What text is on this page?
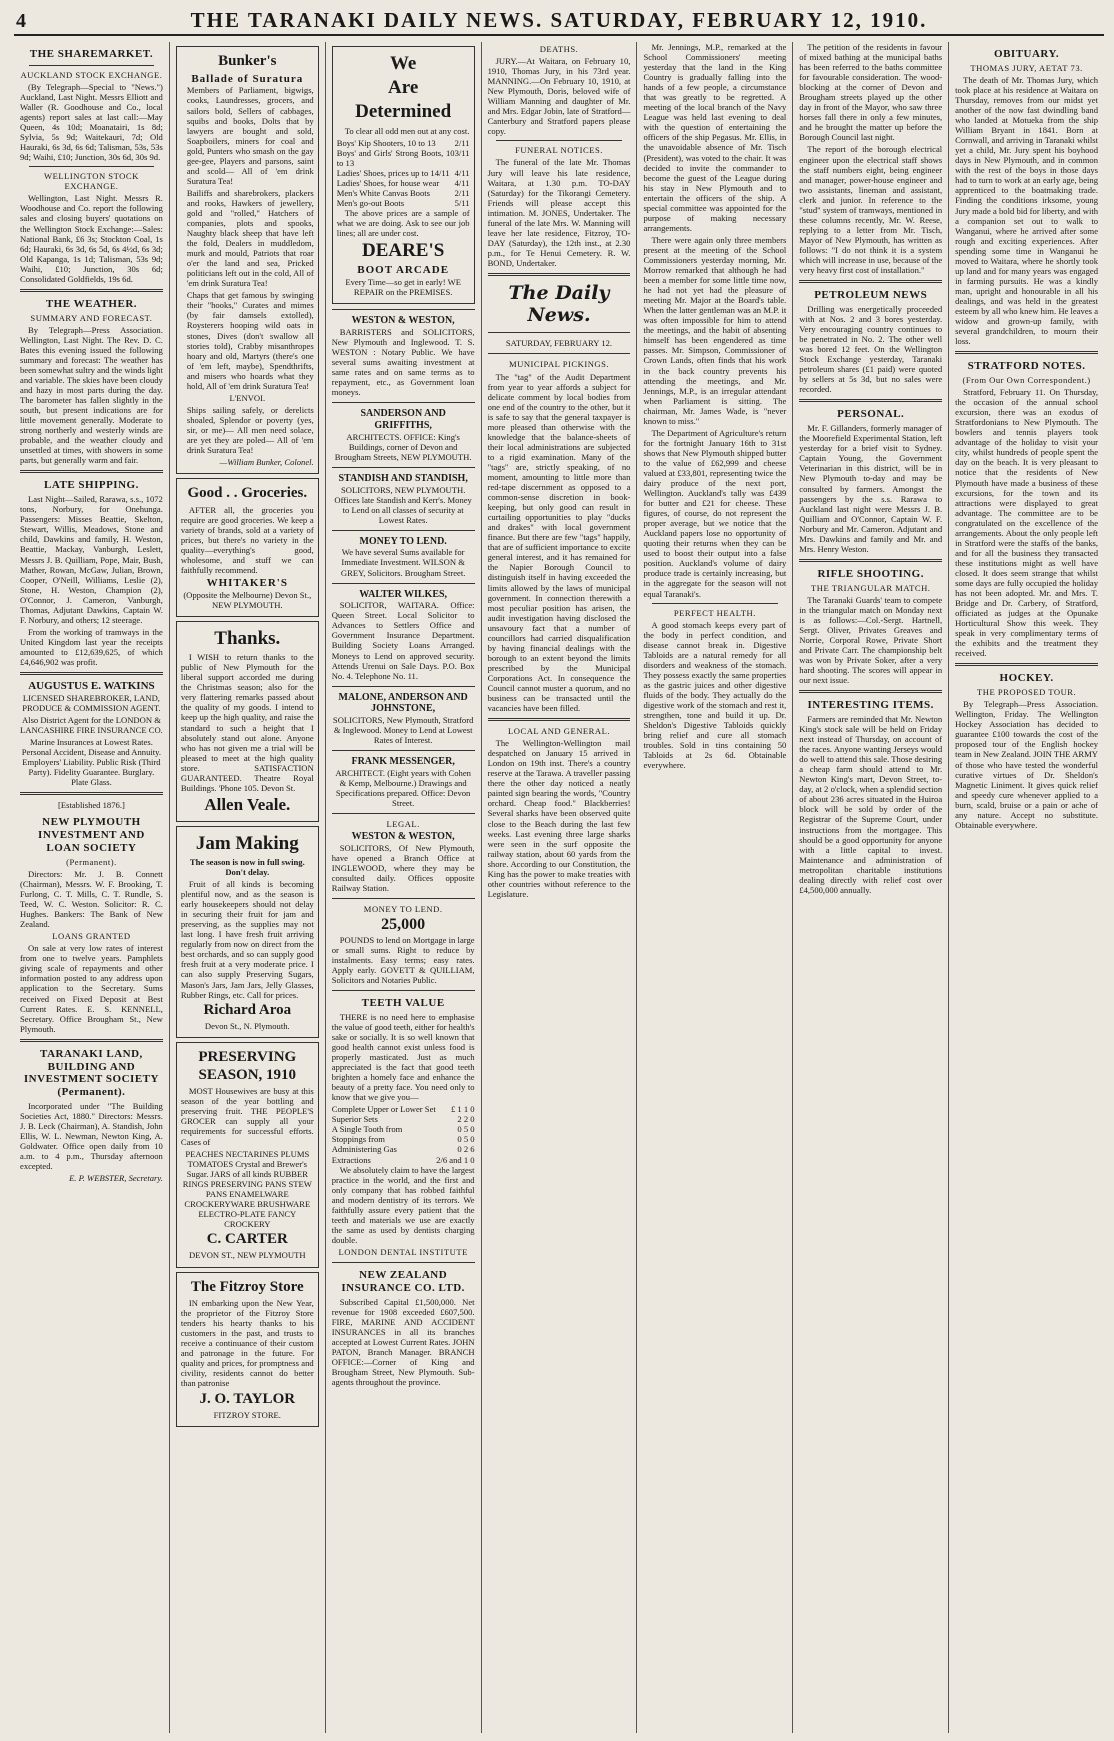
4	THE TARANAKI DAILY NEWS. SATURDAY, FEBRUARY 12, 1910.
THE SHAREMARKET.
AUCKLAND STOCK EXCHANGE.

(By Telegraph—Special to "News.") Auckland, Last Night. Messrs Elliott and Waller (R. Goodhouse and Co., local agents) report sales at last call:—May Queen, 4s 10d; Moanatairi, 1s 8d; Sylvia, 5s 9d; Waitekauri, 7d; Old Hauraki, 6s 3d, 6s 6d; Talisman, 53s, 53s 9d; Waihi, £10; Junction, 30s 6d, 30s 9d.

WELLINGTON STOCK EXCHANGE.

Wellington, Last Night. Messrs R. Woodhouse and Co. report the following sales and closing buyers' quotations on the Wellington Stock Exchange:—Sales: National Bank, £6 3s; Stockton Coal, 1s 6d; Hauraki, 6s 3d, 6s 5d, 6s 4½d, 6s 3d; Old Kapanga, 1s 1d; Talisman, 53s 9d; Waihi, £10; Junction, 30s 6d; Consolidated Goldfields, 19s 6d.

THE WEATHER.
SUMMARY AND FORECAST.

By Telegraph—Press Association. Wellington, Last Night. The Rev. D. C. Bates this evening issued the following summary and forecast: The weather has been somewhat sultry and the winds light and variable. The skies have been cloudy and hazy in most parts during the day. The barometer has fallen slightly in the south, but present indications are for little movement generally. Moderate to strong northerly and westerly winds are probable, and the weather cloudy and unsettled at times, with showers in some parts, but generally warm and fair.

LATE SHIPPING.

Last Night—Sailed, Rarawa, s.s., 1072 tons, Norbury, for Onehunga. Passengers: Misses Beattie, Skelton, Stewart, Willis, Meadows, Stone and child, Dawkins and family, H. Weston, Beattie, Mackay, Vanburgh, Leslett, Messrs J. B. Quilliam, Pope, Mair, Bush, Mather, Rowan, McGaw, Julian, Brown, Cooper, O'Neill, Williams, Leslie (2), Stone, H. Weston, Champion (2), O'Connor, J. Cameron, Vanburgh, Thomas, Adjutant Dawkins, Captain W. F. Norbury, and others; 12 steerage.

From the working of tramways in the United Kingdom last year the receipts amounted to £12,639,625, of which £4,646,902 was profit.

AUGUSTUS E. WATKINS

LICENSED SHAREBROKER, LAND, PRODUCE & COMMISSION AGENT.

Also District Agent for the LONDON & LANCASHIRE FIRE INSURANCE CO.

Marine Insurances at Lowest Rates. Personal Accident, Disease and Annuity. Employers' Liability. Public Risk (Third Party). Fidelity Guarantee. Burglary. Plate Glass.

[Established 1876.]

NEW PLYMOUTH INVESTMENT AND LOAN SOCIETY
(Permanent).

Directors: Mr. J. B. Connett (Chairman), Messrs. W. F. Brooking, T. Furlong, C. T. Mills, C. T. Rundle, S. Teed, W. C. Weston. Solicitor: R. C. Hughes. Bankers: The Bank of New Zealand.

LOANS GRANTED

On sale at very low rates of interest from one to twelve years. Pamphlets giving scale of repayments and other information posted to any address upon application to the Secretary. Sums received on Fixed Deposit at Best Current Rates. E. S. KENNELL, Secretary. Office Brougham St., New Plymouth.

TARANAKI LAND, BUILDING AND INVESTMENT SOCIETY (Permanent).

Incorporated under "The Building Societies Act, 1880." Directors: Messrs. J. B. Leck (Chairman), A. Standish, John Ellis, W. L. Newman, Newton King, A. Goldwater. Office open daily from 10 a.m. to 4 p.m., Thursday afternoon excepted.

E. P. WEBSTER, Secretary.

Bunker's
Ballade of Suratura

Members of Parliament, bigwigs, cooks, Laundresses, grocers, and sailors bold, Sellers of cabbages, squibs and books, Dolts that by lawyers are bought and sold, Soapboilers, miners for coal and gold, Punters who smash on the gay gee-gee, Players and parsons, saint and scold— All of 'em drink Suratura Tea!

Bailiffs and sharebrokers, plackers and rooks, Hawkers of jewellery, gold and "rolled," Hatchers of companies, plots and spooks, Naughty black sheep that have left the fold, Dealers in muddledom, murk and mould, Patriots that roar o'er the land and sea, Pricked politicians left out in the cold, All of 'em drink Suratura Tea!

Chaps that get famous by swinging their "hooks," Curates and mimes (by fair damsels extolled), Roysterers hooping wild oats in stones, Dives (don't swallow all stories told), Crabby misanthropes hoary and old, Martyrs (there's one of 'em left, maybe), Spendthrifts, and misers who hoards what they hold, All of 'em drink Suratura Tea!

L'ENVOI.

Ships sailing safely, or derelicts shoaled, Splendor or poverty (yes, sir, or me)— All men need solace, are yet they are poled— All of 'em drink Suratura Tea!

—William Bunker, Colonel.

Good . . Groceries.

AFTER all, the groceries you require are good groceries. We keep a variety of brands, sold at a variety of prices, but there's no variety in the quality—everything's good, wholesome, and stuff we can faithfully recommend.

WHITAKER'S

(Opposite the Melbourne) Devon St., NEW PLYMOUTH.

Thanks.

I WISH to return thanks to the public of New Plymouth for the liberal support accorded me during the Christmas season; also for the very flattering remarks passed about the quality of my goods. I intend to keep up the high quality, and raise the standard to such a height that I absolutely stand out alone. Anyone who has not given me a trial will be pleased to meet at the high quality store. SATISFACTION GUARANTEED. Theatre Royal Buildings. 'Phone 105. Devon St.

Allen Veale.
Jam Making

The season is now in full swing. Don't delay.

Fruit of all kinds is becoming plentiful now, and as the season is early housekeepers should not delay in securing their fruit for jam and preserving, as the supplies may not last long. I have fresh fruit arriving regularly from now on direct from the best orchards, and so can supply good fresh fruit at a very moderate price. I can also supply Preserving Sugars, Mason's Jars, Jam Jars, Jelly Glasses, Rubber Rings, etc. Call for prices.

Richard Aroa

Devon St., N. Plymouth.

PRESERVING SEASON, 1910

MOST Housewives are busy at this season of the year bottling and preserving fruit. THE PEOPLE'S GROCER can supply all your requirements for successful efforts. Cases of

PEACHES NECTARINES PLUMS TOMATOES Crystal and Brewer's Sugar. JARS of all kinds RUBBER RINGS PRESERVING PANS STEW PANS ENAMELWARE CROCKERYWARE BRUSHWARE ELECTRO-PLATE FANCY CROCKERY

C. CARTER

DEVON ST., NEW PLYMOUTH

The Fitzroy Store

IN embarking upon the New Year, the proprietor of the Fitzroy Store tenders his hearty thanks to his customers in the past, and trusts to receive a continuance of their custom and patronage in the future. For quality and prices, for promptness and civility, residents cannot do better than patronise

J. O. TAYLOR

FITZROY STORE.

We
Are
Determined

To clear all odd men out at any cost.

Boys' Kip Shooters, 10 to 13 2/11
Boys' and Girls' Strong Boots, 10 to 13
3/11
Ladies' Shoes, prices up to 14/11 4/11
Ladies' Shoes, for house wear 4/11
Men's White Canvas Boots	2/11
Men's go-out Boots	5/11

The above prices are a sample of what we are doing. Ask to see our job lines; all are under cost.

DEARE'S
BOOT ARCADE

Every Time—so get in early! WE REPAIR on the PREMISES.

WESTON & WESTON,

BARRISTERS and SOLICITORS, New Plymouth and Inglewood. T. S. WESTON : Notary Public. We have several sums awaiting investment at same rates and on same terms as to repayment, etc., as Government loan moneys.

SANDERSON AND GRIFFITHS,

ARCHITECTS. OFFICE: King's Buildings, corner of Devon and Brougham Streets, NEW PLYMOUTH.

STANDISH AND STANDISH,

SOLICITORS, NEW PLYMOUTH. Offices late Standish and Kerr's. Money to Lend on all classes of security at Lowest Rates.

MONEY TO LEND.

We have several Sums available for Immediate Investment. WILSON & GREY, Solicitors. Brougham Street.

WALTER WILKES,

SOLICITOR, WAITARA. Office: Queen Street. Local Solicitor to Advances to Settlers Office and Government Insurance Department. Building Society Loans Arranged. Moneys to Lend on approved security. Attends Urenui on Sale Days. P.O. Box No. 4. Telephone No. 11.

MALONE, ANDERSON AND JOHNSTONE,

SOLICITORS, New Plymouth, Stratford & Inglewood. Money to Lend at Lowest Rates of Interest.

FRANK MESSENGER,

ARCHITECT. (Eight years with Cohen & Kemp, Melbourne.) Drawings and Specifications prepared. Office: Devon Street.

LEGAL.
WESTON & WESTON,

SOLICITORS, Of New Plymouth, have opened a Branch Office at INGLEWOOD, where they may be consulted daily. Offices opposite Railway Station.

MONEY TO LEND.
25,000

POUNDS to lend on Mortgage in large or small sums. Right to reduce by instalments. Easy terms; easy rates. Apply early. GOVETT & QUILLIAM, Solicitors and Notaries Public.

TEETH VALUE

THERE is no need here to emphasise the value of good teeth, either for health's sake or socially. It is so well known that good health cannot exist unless food is properly masticated. Just as much appreciated is the fact that good teeth brighten a homely face and enhance the beauty of a pretty face. You need only to know that we give you—

Complete Upper or Lower Set £ 1 1 0
Superior Sets	2 2 0
A Single Tooth from	0 5 0
Stoppings from	0 5 0
Administering Gas	0 2 6
Extractions	2/6 and 1 0

We absolutely claim to have the largest practice in the world, and the first and only company that has robbed faithful and modern dentistry of its terrors. We faithfully assure every patient that the teeth and materials we use are exactly the same as used by dentists charging double.

LONDON DENTAL INSTITUTE
NEW ZEALAND INSURANCE CO. LTD.

Subscribed Capital £1,500,000. Net revenue for 1908 exceeded £607,500. FIRE, MARINE AND ACCIDENT INSURANCES in all its branches accepted at Lowest Current Rates. JOHN PATON, Branch Manager. BRANCH OFFICE:—Corner of King and Brougham Street, New Plymouth. Sub-agents throughout the province.

DEATHS.

JURY.—At Waitara, on February 10, 1910, Thomas Jury, in his 73rd year. MANNING.—On February 10, 1910, at New Plymouth, Doris, beloved wife of William Manning and daughter of Mr. and Mrs. Edgar Jobin, late of Stratford—Canterbury and Stratford papers please copy.

FUNERAL NOTICES.

The funeral of the late Mr. Thomas Jury will leave his late residence, Waitara, at 1.30 p.m. TO-DAY (Saturday) for the Tikorangi Cemetery. Friends will please accept this intimation. M. JONES, Undertaker. The funeral of the late Mrs. W. Manning will leave her late residence, Fitzroy, TO-DAY (Saturday), the 12th inst., at 2.30 p.m., for Te Henui Cemetery. R. W. BOND, Undertaker.

The Daily News.

SATURDAY, FEBRUARY 12.

MUNICIPAL PICKINGS.

The "tag" of the Audit Department from year to year affords a subject for delicate comment by local bodies from one end of the country to the other, but it is safe to say that the general taxpayer is more pleased than otherwise with the knowledge that the balance-sheets of their local administrations are subjected to a rigid examination. Many of the "tags" are, strictly speaking, of no moment, amounting to little more than red-tape discernment as opposed to a common-sense discretion in book-keeping, but only good can result in curtailing opportunities to play "ducks and drakes" with local government finance. But there are few "tags" happily, that are of sufficient importance to excite general interest, and it has remained for the Napier Borough Council to distinguish itself in having exceeded the limits allowed by the laws of municipal government. In connection therewith a most peculiar position has arisen, the audit investigation having disclosed the unsavoury fact that a number of councillors had carried disqualification by having financial dealings with the borough to an extent beyond the limits prescribed by the Municipal Corporations Act. In consequence the Council cannot muster a quorum, and no business can be transacted until the vacancies have been filled.

LOCAL AND GENERAL.

The Wellington-Wellington mail despatched on January 15 arrived in London on 19th inst. There's a country reserve at the Tarawa. A traveller passing there the other day noticed a neatly painted sign bearing the words, "Country orchard. Cheap food." Blackberries! Several sharks have been observed quite close to the Beach during the last few weeks. Last evening three large sharks were seen in the surf opposite the railway station, about 60 yards from the shore. According to our Constitution, the King has the power to make treaties with other countries without reference to the Legislature.

Mr. Jennings, M.P., remarked at the School Commissioners' meeting yesterday that the land in the King Country is gradually falling into the hands of a few people, a circumstance that was greatly to be regretted. A meeting of the local branch of the Navy League was held last evening to deal with the question of entertaining the officers of the ship Pegasus. Mr. Ellis, in the unavoidable absence of Mr. Tisch (President), was voted to the chair. It was decided to invite the commander to become the guest of the League during his stay in New Plymouth and to entertain the officers of the ship. A special committee was appointed for the purpose of making necessary arrangements.

There were again only three members present at the meeting of the School Commissioners yesterday morning, Mr. Morrow remarked that although he had been a member for some little time now, he had not yet had the pleasure of meeting Mr. Major at the Board's table. When the latter gentleman was an M.P. it was often impossible for him to attend the meetings, and the habit of absenting himself has been engendered as time passes. Mr. Simpson, Commissioner of Crown Lands, often finds that his work in the back country prevents his attending the meetings, and Mr. Jennings, M.P., is an irregular attendant when Parliament is sitting. The chairman, Mr. James Wade, is "never known to miss."

The Department of Agriculture's return for the fortnight January 16th to 31st shows that New Plymouth shipped butter to the value of £62,999 and cheese valued at £33,801, representing twice the dairy produce of the next port, Wellington. Auckland's tally was £439 for butter and £21 for cheese. These figures, of course, do not represent the proper average, but we notice that the Auckland papers lose no opportunity of quoting their returns when they can be used to boost their output into a false position. Auckland's volume of dairy produce trade is certainly increasing, but in the aggregate for the season will not equal Taranaki's.

PERFECT HEALTH.

A good stomach keeps every part of the body in perfect condition, and disease cannot break in. Digestive Tabloids are a natural remedy for all disorders and weakness of the stomach. They possess exactly the same properties as the gastric juices and other digestive fluids of the body. They actually do the digestive work of the stomach and rest it, strengthen, tone and build it up. Dr. Sheldon's Digestive Tabloids quickly bring relief and cure all stomach troubles. Sold in tins containing 50 Tabloids at 2s 6d. Obtainable everywhere.

The petition of the residents in favour of mixed bathing at the municipal baths has been referred to the baths committee for favourable consideration. The wood-blocking at the corner of Devon and Brougham streets played up the other day in front of the Mayor, who saw three horses fall there in only a few minutes, and he brought the matter up before the Borough Council last night.

The report of the borough electrical engineer upon the electrical staff shows the staff numbers eight, being engineer and manager, power-house engineer and two assistants, lineman and assistant, clerk and junior. In reference to the "stud" system of tramways, mentioned in these columns recently, Mr. W. Reese, replying to a letter from Mr. Tisch, Mayor of New Plymouth, has written as follows: "I do not think it is a system which will increase in use, because of the very heavy first cost of installation."

PETROLEUM NEWS

Drilling was energetically proceeded with at Nos. 2 and 3 bores yesterday. Very encouraging country continues to be penetrated in No. 2. The other well was bored 12 feet. On the Wellington Stock Exchange yesterday, Taranaki petroleum shares (£1 paid) were quoted by sellers at 5s 3d, but no sales were recorded.

PERSONAL.

Mr. F. Gillanders, formerly manager of the Moorefield Experimental Station, left yesterday for a brief visit to Sydney. Captain Young, the Government Veterinarian in this district, will be in New Plymouth to-day and may be consulted by farmers. Amongst the passengers by the s.s. Rarawa to Auckland last night were Messrs J. B. Quilliam and O'Connor, Captain W. F. Norbury and Mr. Cameron. Adjutant and Mrs. Dawkins and family and Mr. and Mrs. Henry Weston.

RIFLE SHOOTING.
THE TRIANGULAR MATCH.

The Taranaki Guards' team to compete in the triangular match on Monday next is as follows:—Col.-Sergt. Hartnell, Sergt. Oliver, Privates Greaves and Norrie, Corporal Rowe, Private Short and Private Carr. The championship belt was won by Private Soker, after a very hard shooting. The scores will appear in our next issue.

INTERESTING ITEMS.

Farmers are reminded that Mr. Newton King's stock sale will be held on Friday next instead of Thursday, on account of the races. Anyone wanting Jerseys would do well to attend this sale. Those desiring a cheap farm should attend to Mr. Newton King's mart, Devon Street, to-day, at 2 o'clock, when a splendid section of about 236 acres situated in the Huiroa block will be sold by order of the Registrar of the Supreme Court, under instructions from the mortgagee. This should be a good opportunity for anyone with a little capital to invest. Maintenance and administration of metropolitan charitable institutions dealing directly with relief cost over £4,500,000 annually.

OBITUARY.
THOMAS JURY, AETAT 73.

The death of Mr. Thomas Jury, which took place at his residence at Waitara on Thursday, removes from our midst yet another of the now fast dwindling band who landed at Motueka from the ship William Bryant in 1841. Born at Cornwall, and arriving in Taranaki whilst yet a child, Mr. Jury spent his boyhood days in New Plymouth, and in common with the rest of the boys in those days had to turn to work at an early age, being apprenticed to the boatmaking trade. Finding the conditions irksome, young Jury made a bold bid for liberty, and with a companion set out to walk to Wanganui, where he arrived after some rough and exciting experiences. After spending some time in Wanganui he moved to Waitara, where he shortly took up land and for many years was engaged in farming pursuits. He was a kindly man, upright and honourable in all his dealings, and was held in the greatest esteem by all who knew him. He leaves a widow and grown-up family, with several grandchildren, to mourn their loss.

STRATFORD NOTES.
(From Our Own Correspondent.)

Stratford, February 11. On Thursday, the occasion of the annual school excursion, there was an exodus of Stratfordonians to New Plymouth. The bowlers and tennis players took advantage of the holiday to visit your city, whilst hundreds of people spent the day on the beach. It is very pleasant to notice that the residents of New Plymouth have made a business of these excursions, for the town and its attractions were displayed to great advantage. The committee are to be congratulated on the excellence of the arrangements. About the only people left in Stratford were the staffs of the banks, and for all the business they transacted these institutions might as well have closed. It does seem strange that whilst some days are fully occupied the holiday has not been adopted. Mr. and Mrs. T. Bridge and Dr. Carbery, of Stratford, officiated as judges at the Opunake Horticultural Show this week. They speak in very complimentary terms of the exhibits and the treatment they received.

HOCKEY.
THE PROPOSED TOUR.

By Telegraph—Press Association. Wellington, Friday. The Wellington Hockey Association has decided to guarantee £100 towards the cost of the proposed tour of the English hockey team in New Zealand. JOIN THE ARMY of those who have tested the wonderful curative virtues of Dr. Sheldon's Magnetic Liniment. It gives quick relief and speedy cure whenever applied to a burn, scald, bruise or a pain or ache of any nature. Accept no substitute. Obtainable everywhere.
